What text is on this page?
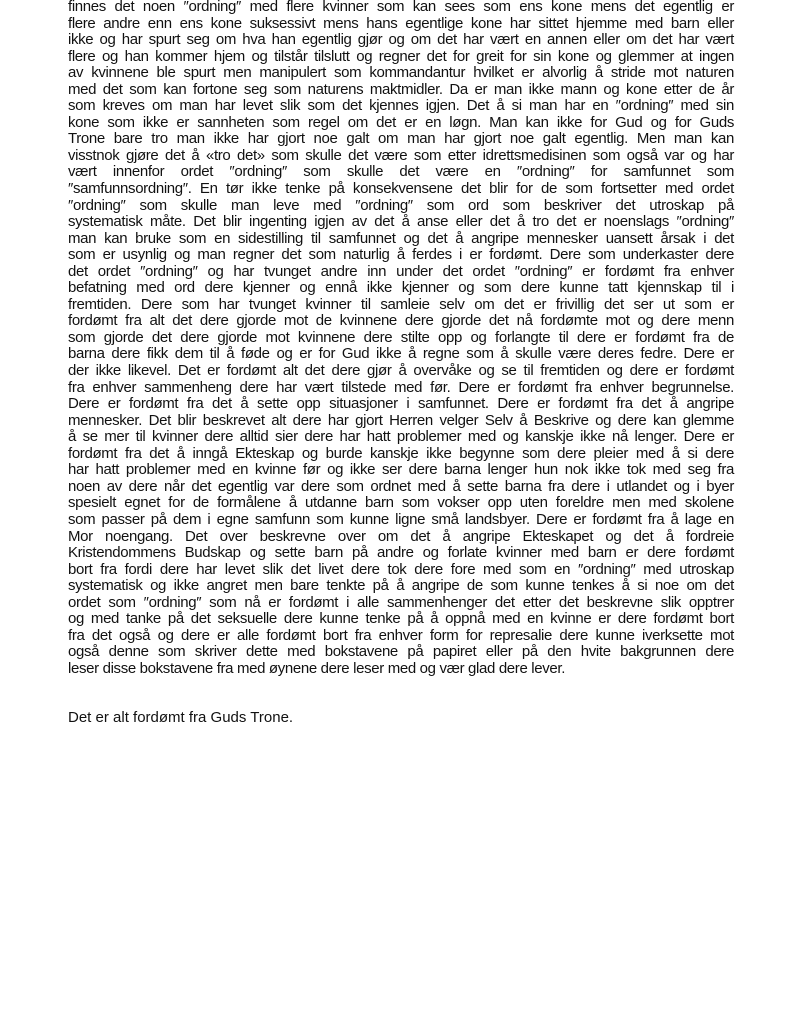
finnes det noen ″ordning″ med flere kvinner som kan sees som ens kone mens det egentlig er
flere andre enn ens kone suksessivt mens hans egentlige kone har sittet hjemme med barn eller
ikke og har spurt seg om hva han egentlig gjør og om det har vært en annen eller om det har vært
flere og han kommer hjem og tilstår tilslutt og regner det for greit for sin kone og glemmer at ingen
av kvinnene ble spurt men manipulert som kommandantur hvilket er alvorlig å stride mot naturen
med det som kan fortone seg som naturens maktmidler. Da er man ikke mann og kone etter de år
som kreves om man har levet slik som det kjennes igjen. Det å si man har en ″ordning″ med sin
kone som ikke er sannheten som regel om det er en løgn. Man kan ikke for Gud og for Guds
Trone bare tro man ikke har gjort noe galt om man har gjort noe galt egentlig. Men man kan
visstnok gjøre det å «tro det» som skulle det være som etter idrettsmedisinen som også var og har
vært innenfor ordet ″ordning″ som skulle det være en ″ordning″ for samfunnet som
″samfunnsordning″. En tør ikke tenke på konsekvensene det blir for de som fortsetter med ordet
″ordning″ som skulle man leve med ″ordning″ som ord som beskriver det utroskap på
systematisk måte. Det blir ingenting igjen av det å anse eller det å tro det er noenslags ″ordning″
man kan bruke som en sidestilling til samfunnet og det å angripe mennesker uansett årsak i det
som er usynlig og man regner det som naturlig å ferdes i er fordømt. Dere som underkaster dere
det ordet ″ordning″ og har tvunget andre inn under det ordet ″ordning″ er fordømt fra enhver
befatning med ord dere kjenner og ennå ikke kjenner og som dere kunne tatt kjennskap til i
fremtiden. Dere som har tvunget kvinner til samleie selv om det er frivillig det ser ut som er
fordømt fra alt det dere gjorde mot de kvinnene dere gjorde det nå fordømte mot og dere menn
som gjorde det dere gjorde mot kvinnene dere stilte opp og forlangte til dere er fordømt fra de
barna dere fikk dem til å føde og er for Gud ikke å regne som å skulle være deres fedre. Dere er
der ikke likevel. Det er fordømt alt det dere gjør å overvåke og se til fremtiden og dere er fordømt
fra enhver sammenheng dere har vært tilstede med før. Dere er fordømt fra enhver begrunnelse.
Dere er fordømt fra det å sette opp situasjoner i samfunnet. Dere er fordømt fra det å angripe
mennesker. Det blir beskrevet alt dere har gjort Herren velger Selv å Beskrive og dere kan glemme
å se mer til kvinner dere alltid sier dere har hatt problemer med og kanskje ikke nå lenger. Dere er
fordømt fra det å inngå Ekteskap og burde kanskje ikke begynne som dere pleier med å si dere
har hatt problemer med en kvinne før og ikke ser dere barna lenger hun nok ikke tok med seg fra
noen av dere når det egentlig var dere som ordnet med å sette barna fra dere i utlandet og i byer
spesielt egnet for de formålene å utdanne barn som vokser opp uten foreldre men med skolene
som passer på dem i egne samfunn som kunne ligne små landsbyer. Dere er fordømt fra å lage en
Mor noengang. Det over beskrevne over om det å angripe Ekteskapet og det å fordreie
Kristendommens Budskap og sette barn på andre og forlate kvinner med barn er dere fordømt
bort fra fordi dere har levet slik det livet dere tok dere fore med som en ″ordning″ med utroskap
systematisk og ikke angret men bare tenkte på å angripe de som kunne tenkes å si noe om det
ordet som ″ordning″ som nå er fordømt i alle sammenhenger det etter det beskrevne slik opptrer
og med tanke på det seksuelle dere kunne tenke på å oppnå med en kvinne er dere fordømt bort
fra det også og dere er alle fordømt bort fra enhver form for represalie dere kunne iverksette mot
også denne som skriver dette med bokstavene på papiret eller på den hvite bakgrunnen dere
leser disse bokstavene fra med øynene dere leser med og vær glad dere lever.

Det er alt fordømt fra Guds Trone.
